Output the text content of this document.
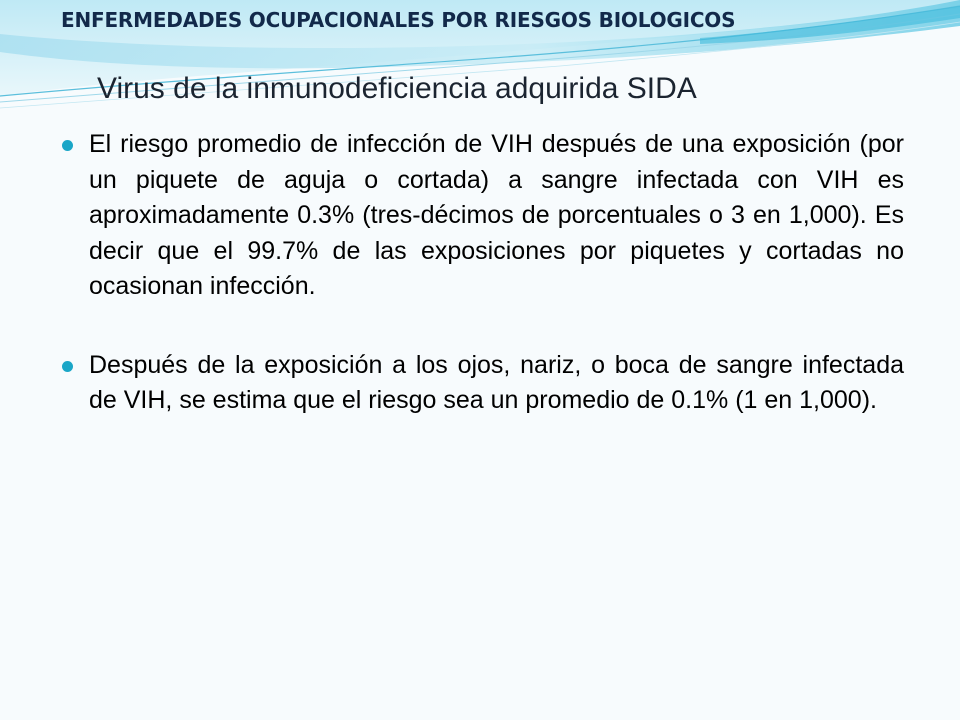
ENFERMEDADES OCUPACIONALES POR RIESGOS BIOLOGICOS
Virus de la inmunodeficiencia adquirida SIDA
El riesgo promedio de infección de VIH después de una exposición (por un piquete de aguja o cortada) a sangre infectada con VIH es aproximadamente 0.3% (tres-décimos de porcentuales o 3 en 1,000). Es decir que el 99.7% de las exposiciones por piquetes y cortadas no ocasionan infección.
Después de la exposición a los ojos, nariz, o boca de sangre infectada de VIH, se estima que el riesgo sea un promedio de 0.1% (1 en 1,000).
